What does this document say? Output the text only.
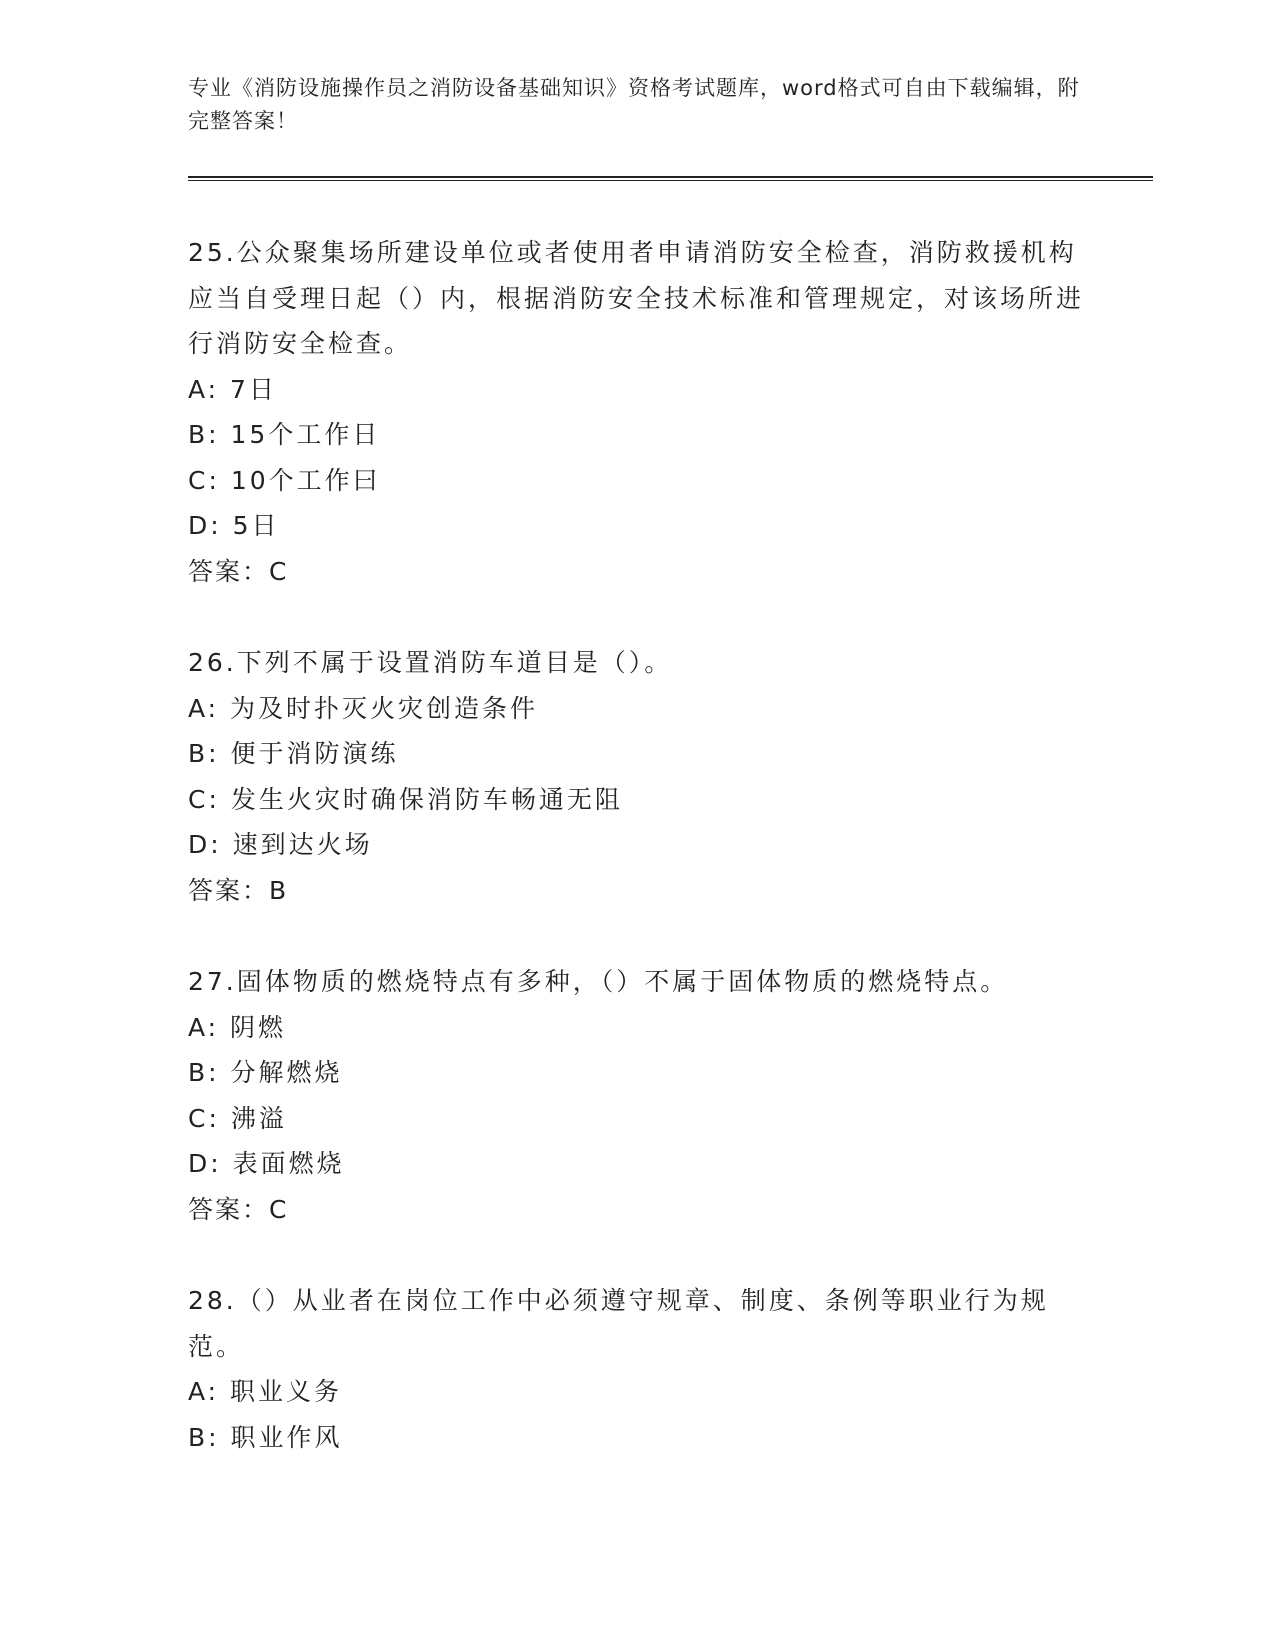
专业《消防设施操作员之消防设备基础知识》资格考试题库，word格式可自由下载编辑，附完整答案！

25.公众聚集场所建设单位或者使用者申请消防安全检查，消防救援机构应当自受理日起（）内，根据消防安全技术标准和管理规定，对该场所进行消防安全检查。

A: 7日

B: 15个工作日

C: 10个工作曰

D: 5日

答案：C

26.下列不属于设置消防车道目是（）。

A: 为及时扑灭火灾创造条件

B: 便于消防演练

C: 发生火灾时确保消防车畅通无阻

D: 速到达火场

答案：B

27.固体物质的燃烧特点有多种，（）不属于固体物质的燃烧特点。

A: 阴燃

B: 分解燃烧

C: 沸溢

D: 表面燃烧

答案：C

28.（）从业者在岗位工作中必须遵守规章、制度、条例等职业行为规范。

A: 职业义务

B: 职业作风
